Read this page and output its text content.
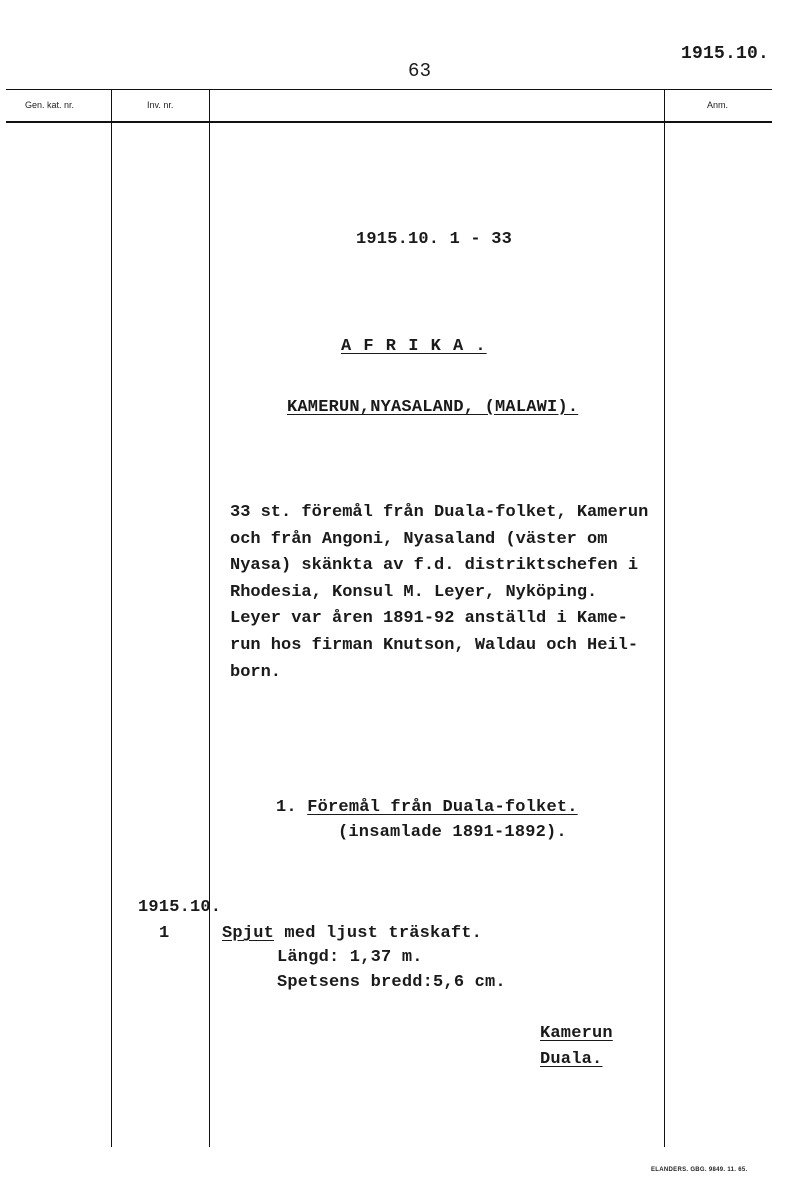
63
1915.10.
Gen. kat. nr.	Inv. nr.	Anm.
1915.10. 1 - 33
A F R I K A .
KAMERUN,NYASALAND, (MALAWI).
33 st. föremål från Duala-folket, Kamerun
och från Angoni, Nyasaland (väster om
Nyasa) skänkta av f.d. distriktschefen i
Rhodesia, Konsul M. Leyer, Nyköping.
Leyer var åren 1891-92 anställd i Kame-
run hos firman Knutson, Waldau och Heil-
born.
1. Föremål från Duala-folket.
(insamlade 1891-1892).
1915.10.
1	Spjut med ljust träskaft.
Längd: 1,37 m.
Spetsens bredd:5,6 cm.
Kamerun
Duala.
ELANDERS. GBG. 9849. 11. 65.
